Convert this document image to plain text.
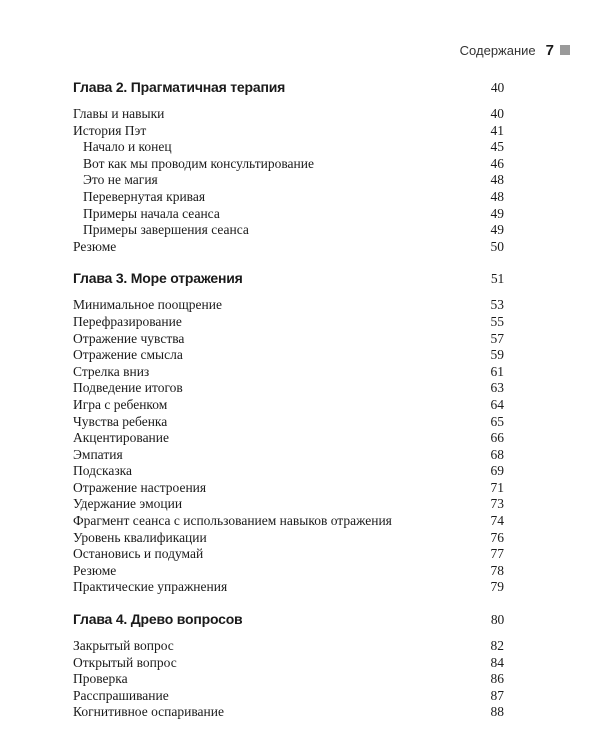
Содержание 7
Глава 2. Прагматичная терапия	40
Главы и навыки	40
История Пэт	41
Начало и конец	45
Вот как мы проводим консультирование	46
Это не магия	48
Перевернутая кривая	48
Примеры начала сеанса	49
Примеры завершения сеанса	49
Резюме	50
Глава 3. Море отражения	51
Минимальное поощрение	53
Перефразирование	55
Отражение чувства	57
Отражение смысла	59
Стрелка вниз	61
Подведение итогов	63
Игра с ребенком	64
Чувства ребенка	65
Акцентирование	66
Эмпатия	68
Подсказка	69
Отражение настроения	71
Удержание эмоции	73
Фрагмент сеанса с использованием навыков отражения	74
Уровень квалификации	76
Остановись и подумай	77
Резюме	78
Практические упражнения	79
Глава 4. Древо вопросов	80
Закрытый вопрос	82
Открытый вопрос	84
Проверка	86
Расспрашивание	87
Когнитивное оспаривание	88
